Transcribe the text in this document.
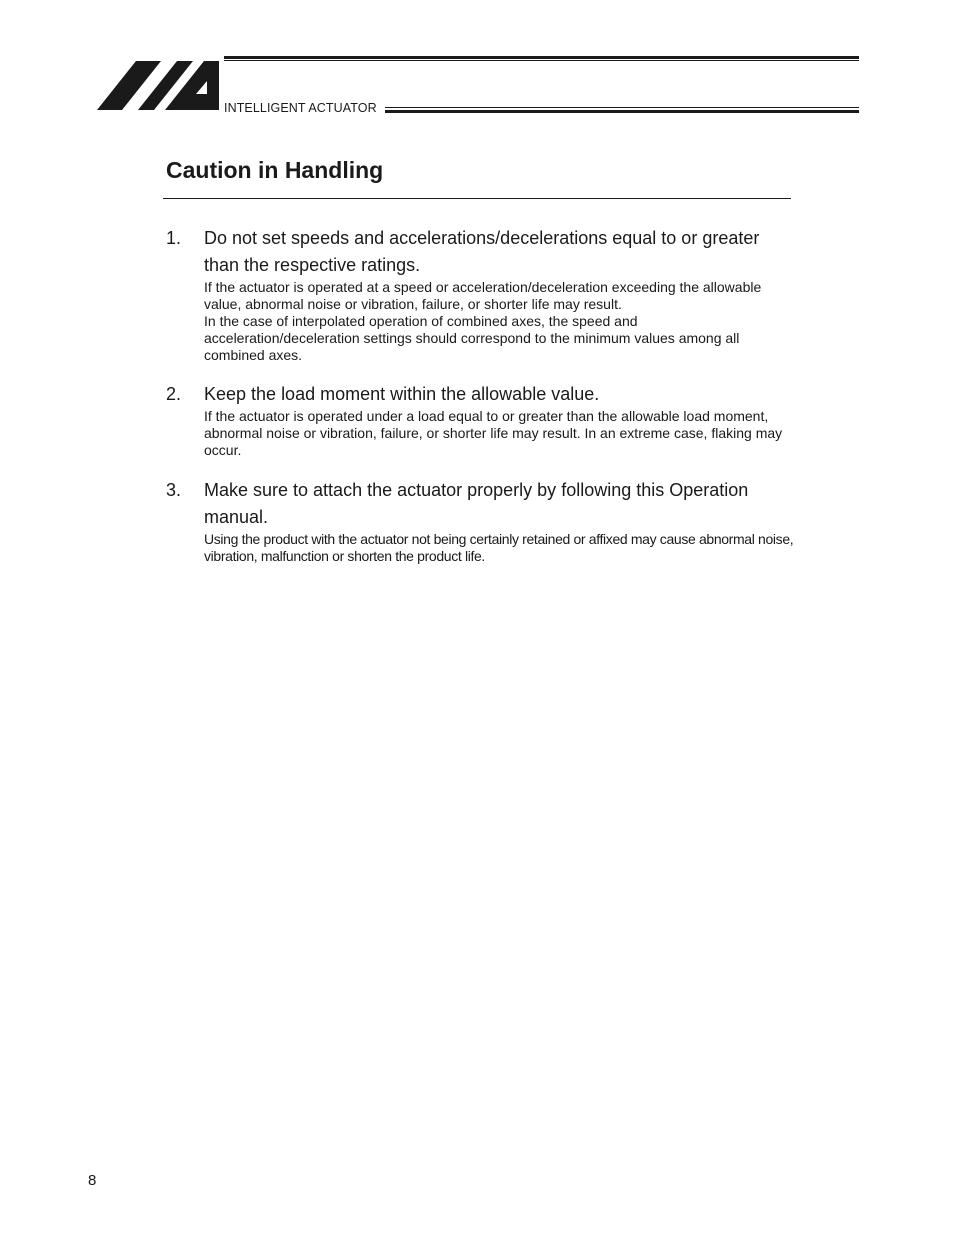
INTELLIGENT ACTUATOR
Caution in Handling
1. Do not set speeds and accelerations/decelerations equal to or greater than the respective ratings.

If the actuator is operated at a speed or acceleration/deceleration exceeding the allowable value, abnormal noise or vibration, failure, or shorter life may result.

In the case of interpolated operation of combined axes, the speed and acceleration/deceleration settings should correspond to the minimum values among all combined axes.

2. Keep the load moment within the allowable value.

If the actuator is operated under a load equal to or greater than the allowable load moment, abnormal noise or vibration, failure, or shorter life may result. In an extreme case, flaking may occur.

3. Make sure to attach the actuator properly by following this Operation manual.

Using the product with the actuator not being certainly retained or affixed may cause abnormal noise, vibration, malfunction or shorten the product life.

8
